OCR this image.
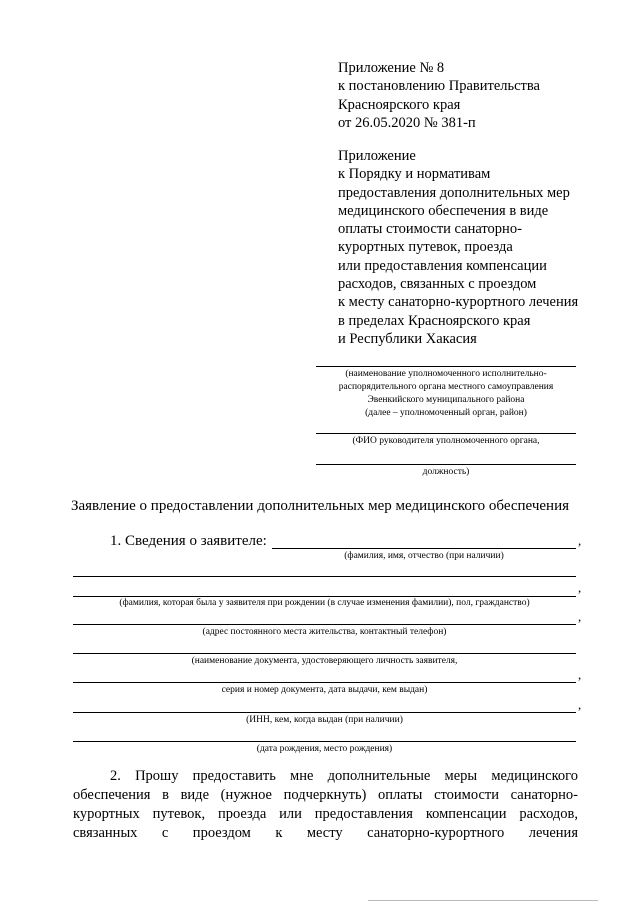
Приложение № 8
к постановлению Правительства
Красноярского края
от 26.05.2020 № 381-п
Приложение
к Порядку и нормативам
предоставления дополнительных мер
медицинского обеспечения в виде
оплаты стоимости санаторно-
курортных путевок, проезда
или предоставления компенсации
расходов, связанных с проездом
к месту санаторно-курортного лечения
в пределах Красноярского края
и Республики Хакасия
(наименование уполномоченного исполнительно-
распорядительного органа местного самоуправления
Эвенкийского муниципального района
(далее – уполномоченный орган, район)
(ФИО руководителя уполномоченного органа,
должность)
Заявление о предоставлении дополнительных мер медицинского обеспечения
1. Сведения о заявителе:	,
(фамилия, имя, отчество (при наличии)
,
(фамилия, которая была у заявителя при рождении (в случае изменения фамилии), пол, гражданство)
,
(адрес постоянного места жительства, контактный телефон)
(наименование документа, удостоверяющего личность заявителя,
,
серия и номер документа, дата выдачи, кем выдан)
,
(ИНН, кем, когда выдан (при наличии)
(дата рождения, место рождения)

2. Прошу предоставить мне дополнительные меры медицинского

обеспечения в виде (нужное подчеркнуть) оплаты стоимости санаторно-

курортных путевок, проезда или предоставления компенсации расходов,

связанных с проездом к месту санаторно-курортного лечения
